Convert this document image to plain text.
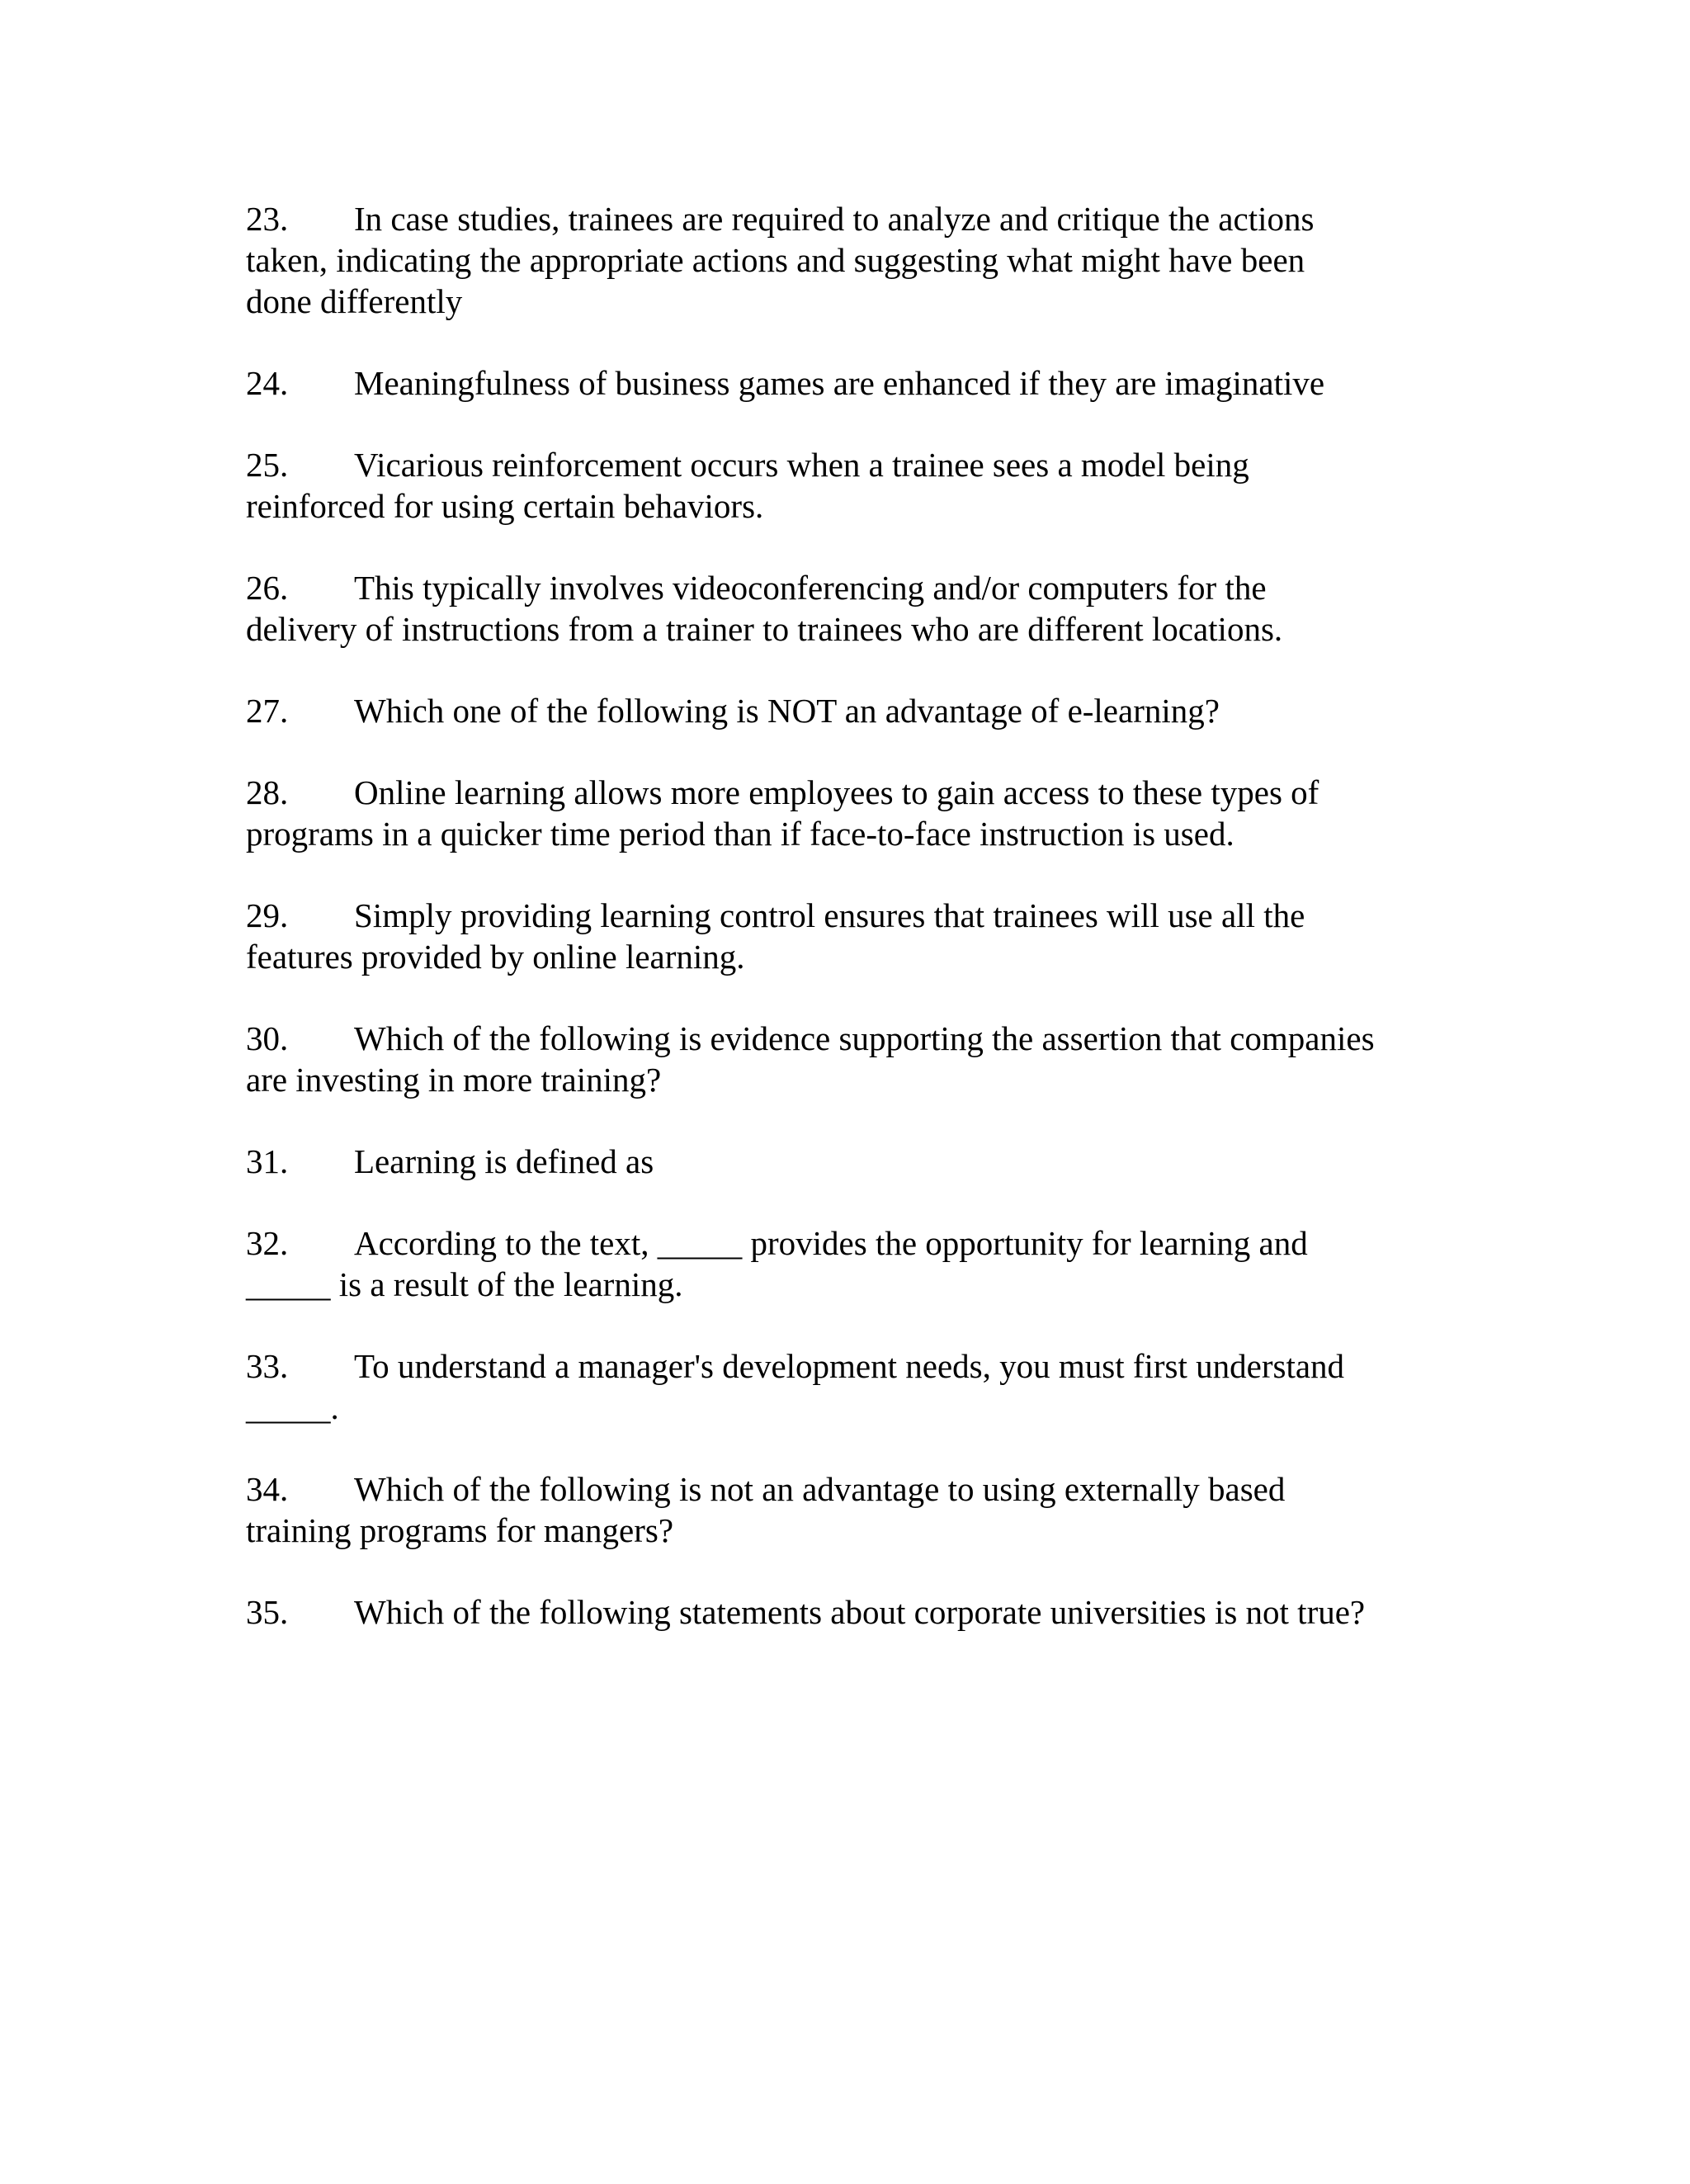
23. In case studies, trainees are required to analyze and critique the actions
taken, indicating the appropriate actions and suggesting what might have been
done differently
24. Meaningfulness of business games are enhanced if they are imaginative
25. Vicarious reinforcement occurs when a trainee sees a model being
reinforced for using certain behaviors.
26. This typically involves videoconferencing and/or computers for the
delivery of instructions from a trainer to trainees who are different locations.
27. Which one of the following is NOT an advantage of e-learning?
28. Online learning allows more employees to gain access to these types of
programs in a quicker time period than if face-to-face instruction is used.
29. Simply providing learning control ensures that trainees will use all the
features provided by online learning.
30. Which of the following is evidence supporting the assertion that companies
are investing in more training?
31. Learning is defined as
32. According to the text, _____ provides the opportunity for learning and
_____ is a result of the learning.
33. To understand a manager's development needs, you must first understand
_____.
34. Which of the following is not an advantage to using externally based
training programs for mangers?
35. Which of the following statements about corporate universities is not true?
